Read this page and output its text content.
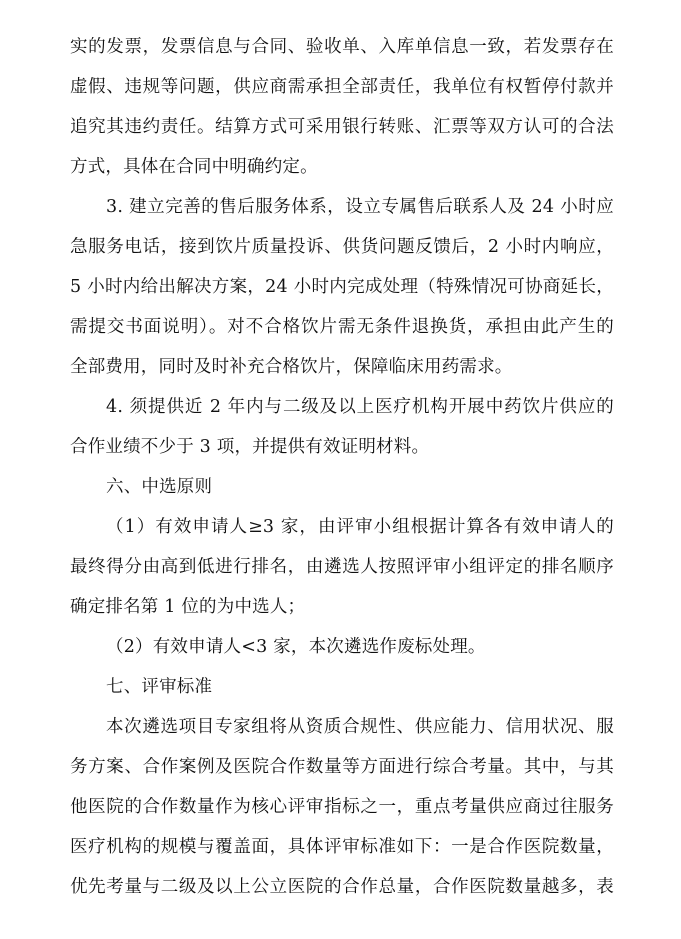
实的发票，发票信息与合同、验收单、入库单信息一致，若发票存在
虚假、违规等问题，供应商需承担全部责任，我单位有权暂停付款并
追究其违约责任。结算方式可采用银行转账、汇票等双方认可的合法
方式，具体在合同中明确约定。
3. 建立完善的售后服务体系，设立专属售后联系人及 24 小时应
急服务电话，接到饮片质量投诉、供货问题反馈后，2 小时内响应，
5 小时内给出解决方案，24 小时内完成处理（特殊情况可协商延长，
需提交书面说明）。对不合格饮片需无条件退换货，承担由此产生的
全部费用，同时及时补充合格饮片，保障临床用药需求。
4. 须提供近 2 年内与二级及以上医疗机构开展中药饮片供应的
合作业绩不少于 3 项，并提供有效证明材料。
六、中选原则
（1）有效申请人≥3 家，由评审小组根据计算各有效申请人的
最终得分由高到低进行排名，由遴选人按照评审小组评定的排名顺序
确定排名第 1 位的为中选人；
（2）有效申请人<3 家，本次遴选作废标处理。
七、评审标准
本次遴选项目专家组将从资质合规性、供应能力、信用状况、服
务方案、合作案例及医院合作数量等方面进行综合考量。其中，与其
他医院的合作数量作为核心评审指标之一，重点考量供应商过往服务
医疗机构的规模与覆盖面，具体评审标准如下：一是合作医院数量，
优先考量与二级及以上公立医院的合作总量，合作医院数量越多，表
